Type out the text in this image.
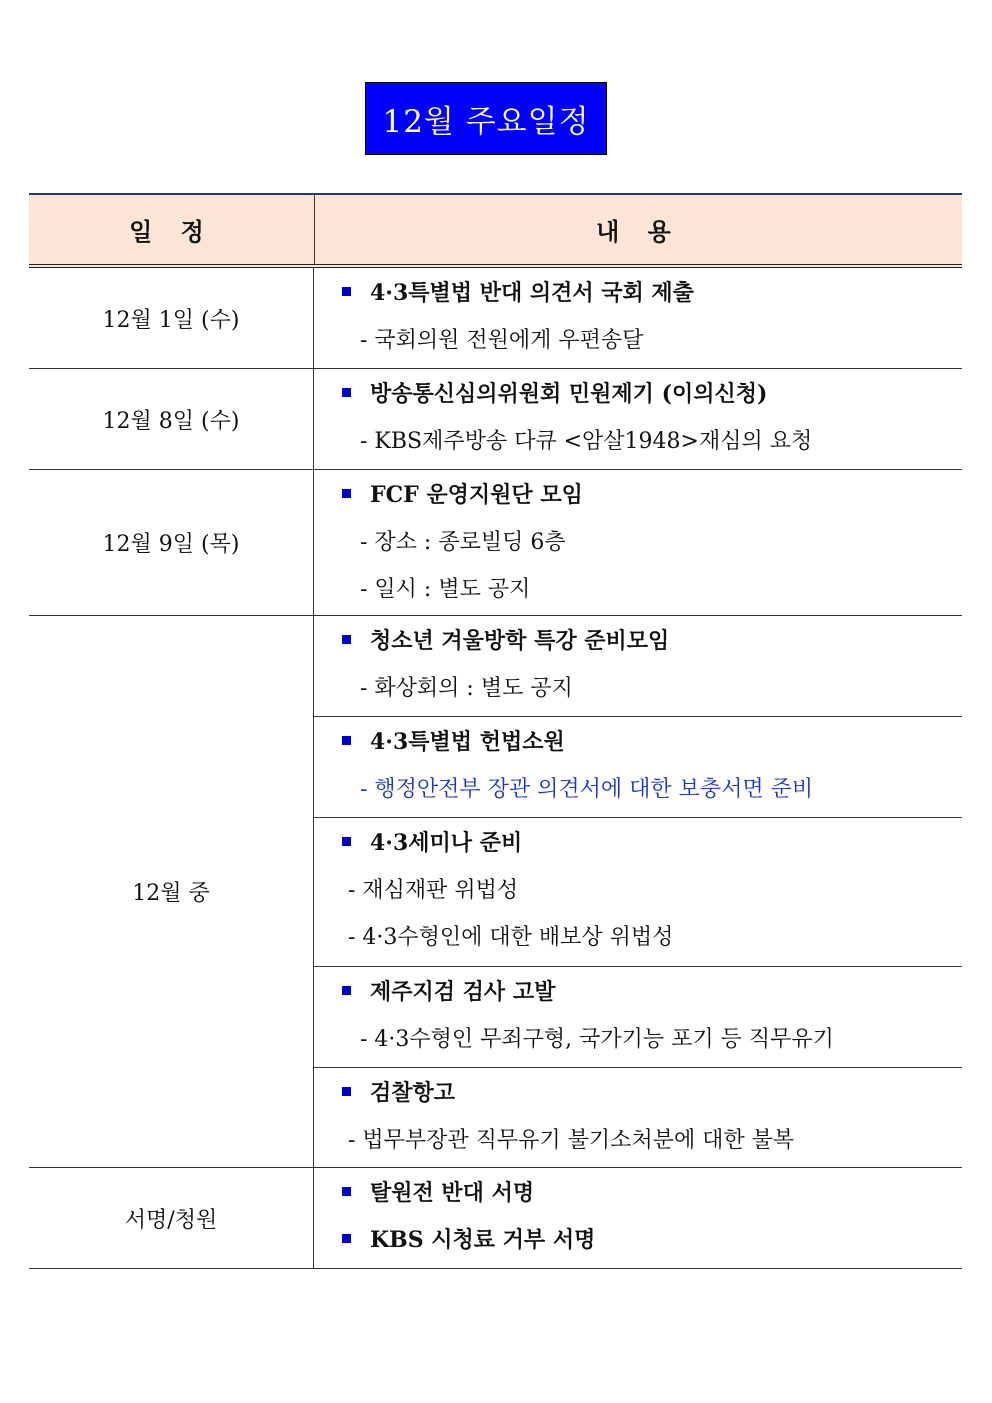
12월 주요일정
일 정	내 용
12월 1일 (수)
4·3특별법 반대 의견서 국회 제출
- 국회의원 전원에게 우편송달
12월 8일 (수)
방송통신심의위원회 민원제기 (이의신청)
- KBS제주방송 다큐 <암살1948>재심의 요청
12월 9일 (목)
FCF 운영지원단 모임
- 장소 : 종로빌딩 6층
- 일시 : 별도 공지
12월 중
청소년 겨울방학 특강 준비모임
- 화상회의 : 별도 공지
4·3특별법 헌법소원
- 행정안전부 장관 의견서에 대한 보충서면 준비
4·3세미나 준비
- 재심재판 위법성
- 4·3수형인에 대한 배보상 위법성
제주지검 검사 고발
- 4·3수형인 무죄구형, 국가기능 포기 등 직무유기
검찰항고
- 법무부장관 직무유기 불기소처분에 대한 불복
서명/청원
탈원전 반대 서명
KBS 시청료 거부 서명
